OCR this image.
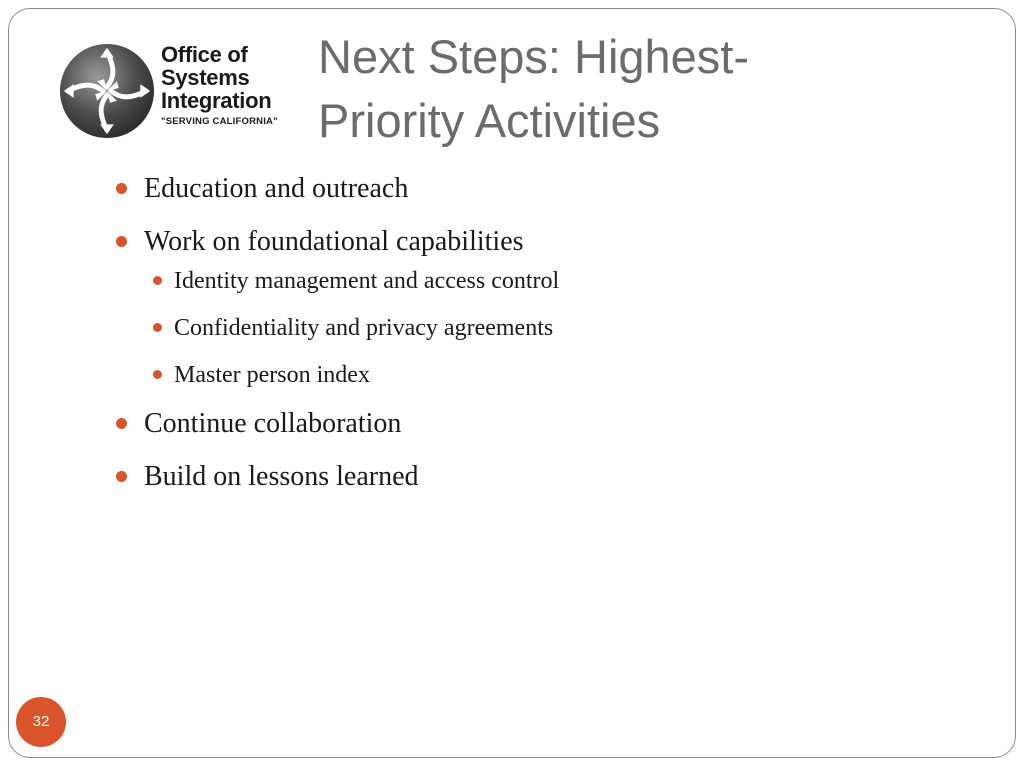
Office of
Systems
Integration
"SERVING CALIFORNIA"
Next Steps: Highest-
Priority Activities
Education and outreach
Work on foundational capabilities
Identity management and access control
Confidentiality and privacy agreements
Master person index
Continue collaboration
Build on lessons learned
32
